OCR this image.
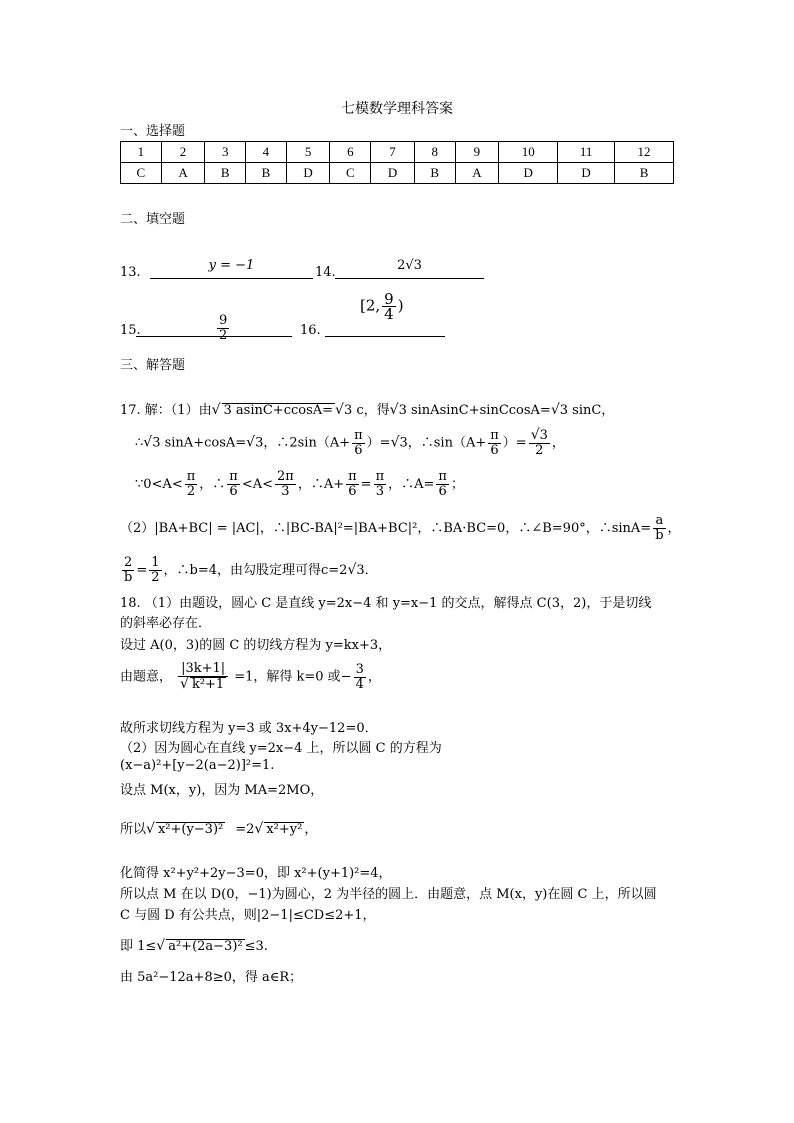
七模数学理科答案
一、选择题
1	2	3	4	5	6	7	8	9	10	11	12
C	A	B	B	D	C	D	B	A	D	D	B
二、填空题
13.	y = −1	14.	2√3
15.	$\frac{9}{2}$	16.
[2, $\frac{9}{4}$ )
三、解答题
17. 解：（1）由√ 3 asinC+ccosA= √3 c，得√3 sinAsinC+sinCcosA=√3 sinC，
∴√3 sinA+cosA=√3，∴2sin（A+ $\frac{\pi}{6} )=√3$，∴sin（A+ $\frac{\pi}{6}$ ）= $\frac{√3}{2}$ ，
∵0<A< $\frac{\pi}{2}$ ，∴ $\frac{\pi}{6} <A< \frac{2\pi}{3}$ ，∴A+ $\frac{\pi}{6} = \frac{\pi}{3}$ ，∴A= $\frac{\pi}{6}$ ；
（2）|BA+BC| = |AC|，∴|BC-BA|²=|BA+BC|²，∴BA·BC=0，∴∠B=90°，∴sinA= $\frac{a}{b}$ ，
$\frac{2}{b} = \frac{1}{2}$ ，∴b=4，由勾股定理可得c=2√3．
18. （1）由题设，圆心 C 是直线 y=2x−4 和 y=x−1 的交点，解得点 C(3，2)，于是切线
的斜率必存在．
设过 A(0，3)的圆 C 的切线方程为 y=kx+3，
由题意， $\frac{|3k+1|}{\text{√ k²+1}} =1$，解得 k=0 或− $\frac{3}{4}$ ，
故所求切线方程为 y=3 或 3x+4y−12=0．
（2）因为圆心在直线 y=2x−4 上，所以圆 C 的方程为
(x−a)²+[y−2(a−2)]²=1.
设点 M(x，y)，因为 MA=2MO，
所以√ x²+(y−3)² =2√ x²+y² ，
化简得 x²+y²+2y−3=0，即 x²+(y+1)²=4，
所以点 M 在以 D(0，−1)为圆心，2 为半径的圆上．由题意，点 M(x，y)在圆 C 上，所以圆
C 与圆 D 有公共点，则|2−1|≤CD≤2+1，
即 1≤√ a²+(2a−3)² ≤3.
由 5a²−12a+8≥0，得 a∈R；
